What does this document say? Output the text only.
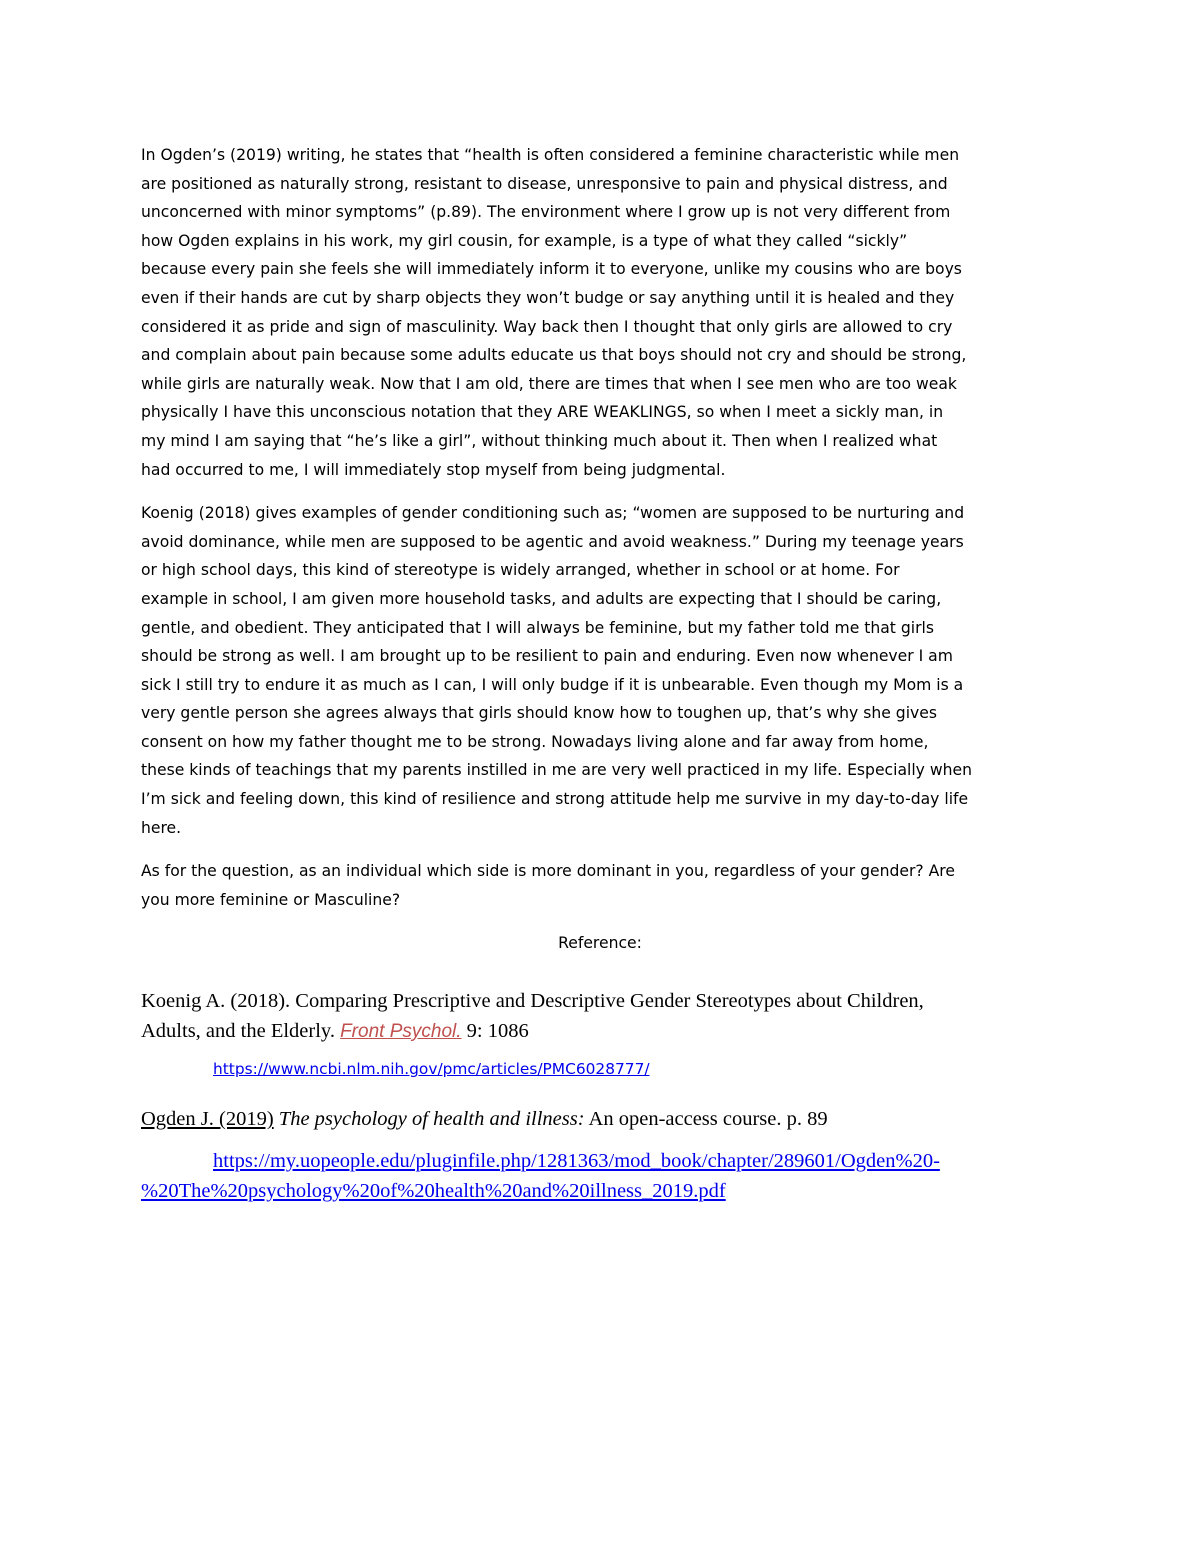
In Ogden’s (2019) writing, he states that “health is often considered a feminine characteristic while men
are positioned as naturally strong, resistant to disease, unresponsive to pain and physical distress, and
unconcerned with minor symptoms” (p.89). The environment where I grow up is not very different from
how Ogden explains in his work, my girl cousin, for example, is a type of what they called “sickly”
because every pain she feels she will immediately inform it to everyone, unlike my cousins who are boys
even if their hands are cut by sharp objects they won’t budge or say anything until it is healed and they
considered it as pride and sign of masculinity. Way back then I thought that only girls are allowed to cry
and complain about pain because some adults educate us that boys should not cry and should be strong,
while girls are naturally weak. Now that I am old, there are times that when I see men who are too weak
physically I have this unconscious notation that they ARE WEAKLINGS, so when I meet a sickly man, in
my mind I am saying that “he’s like a girl”, without thinking much about it. Then when I realized what
had occurred to me, I will immediately stop myself from being judgmental.

Koenig (2018) gives examples of gender conditioning such as; “women are supposed to be nurturing and
avoid dominance, while men are supposed to be agentic and avoid weakness.” During my teenage years
or high school days, this kind of stereotype is widely arranged, whether in school or at home. For
example in school, I am given more household tasks, and adults are expecting that I should be caring,
gentle, and obedient. They anticipated that I will always be feminine, but my father told me that girls
should be strong as well. I am brought up to be resilient to pain and enduring. Even now whenever I am
sick I still try to endure it as much as I can, I will only budge if it is unbearable. Even though my Mom is a
very gentle person she agrees always that girls should know how to toughen up, that’s why she gives
consent on how my father thought me to be strong. Nowadays living alone and far away from home,
these kinds of teachings that my parents instilled in me are very well practiced in my life. Especially when
I’m sick and feeling down, this kind of resilience and strong attitude help me survive in my day-to-day life
here.

As for the question, as an individual which side is more dominant in you, regardless of your gender? Are
you more feminine or Masculine?

Reference:
Koenig A. (2018). Comparing Prescriptive and Descriptive Gender Stereotypes about Children,
Adults, and the Elderly. Front Psychol. 9: 1086
https://www.ncbi.nlm.nih.gov/pmc/articles/PMC6028777/
Ogden J. (2019) The psychology of health and illness: An open-access course. p. 89
https://my.uopeople.edu/pluginfile.php/1281363/mod_book/chapter/289601/Ogden%20-
%20The%20psychology%20of%20health%20and%20illness_2019.pdf
